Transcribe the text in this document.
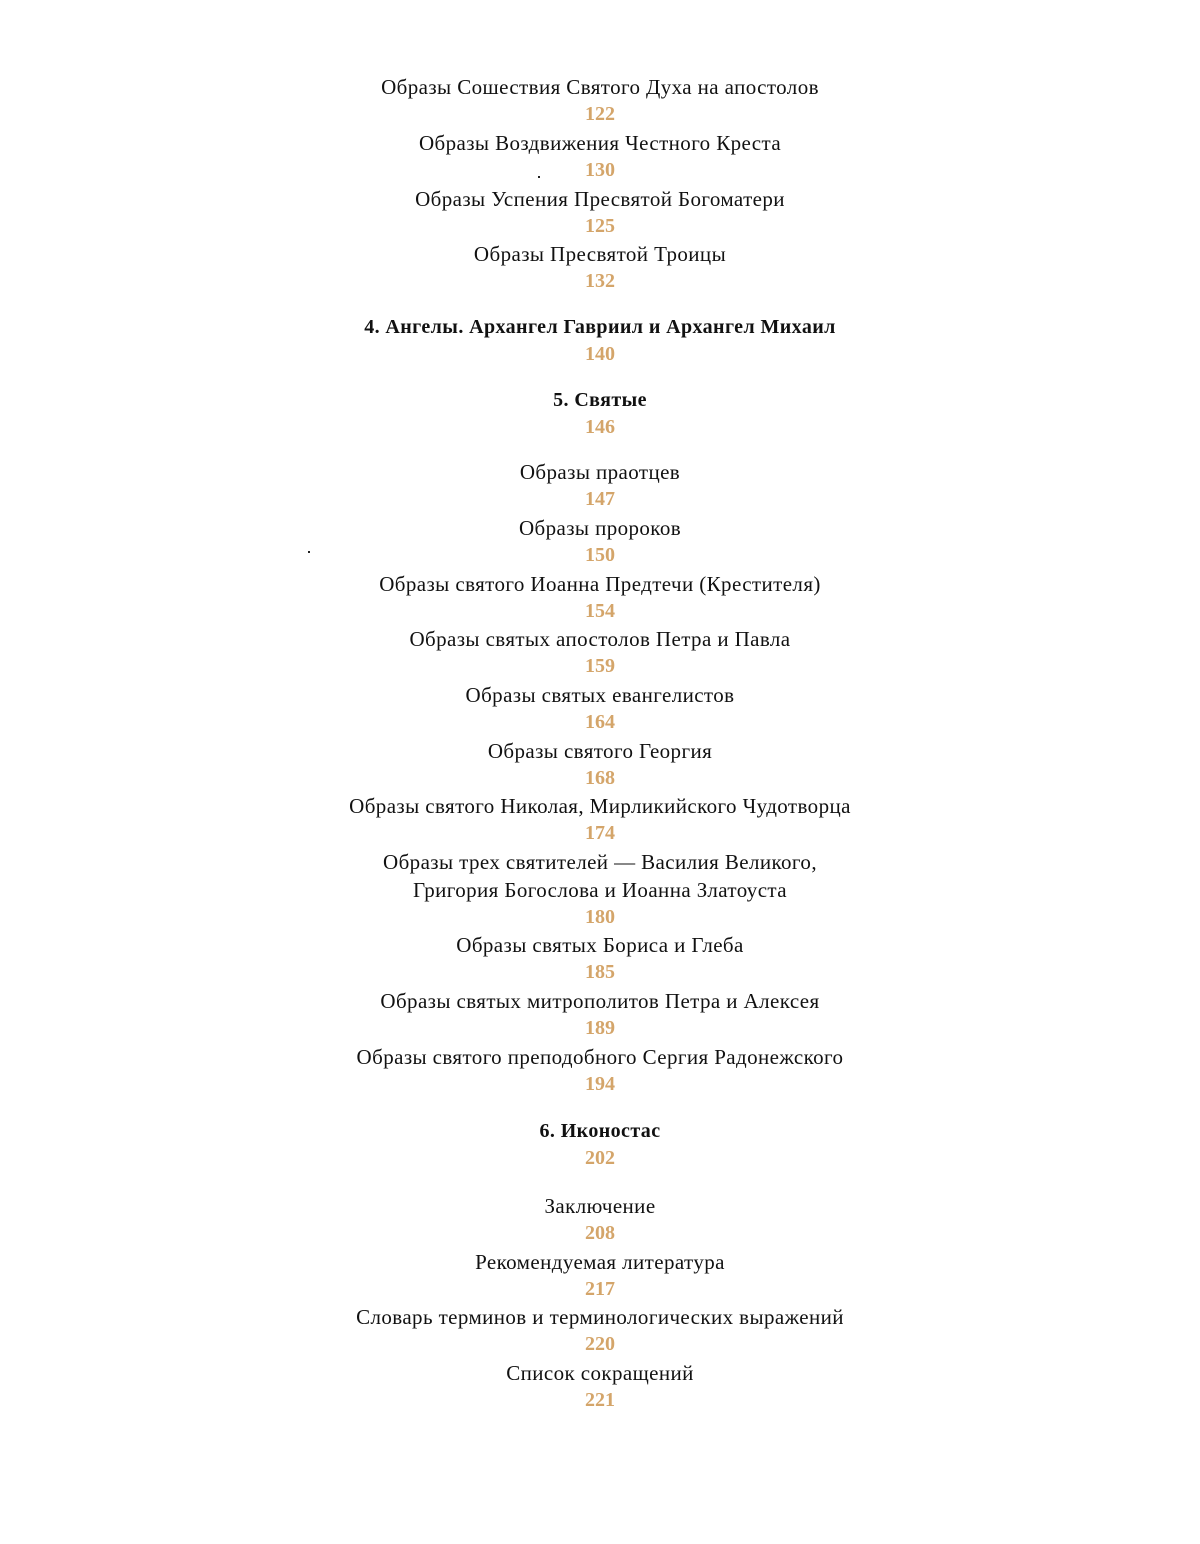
Образы Сошествия Святого Духа на апостолов

122

Образы Воздвижения Честного Креста

130

Образы Успения Пресвятой Богоматери

125

Образы Пресвятой Троицы

132

4. Ангелы. Архангел Гавриил и Архангел Михаил

140

5. Святые

146

Образы праотцев

147

Образы пророков

150

Образы святого Иоанна Предтечи (Крестителя)

154

Образы святых апостолов Петра и Павла

159

Образы святых евангелистов

164

Образы святого Георгия

168

Образы святого Николая, Мирликийского Чудотворца

174

Образы трех святителей — Василия Великого,

Григория Богослова и Иоанна Златоуста

180

Образы святых Бориса и Глеба

185

Образы святых митрополитов Петра и Алексея

189

Образы святого преподобного Сергия Радонежского

194

6. Иконостас

202

Заключение

208

Рекомендуемая литература

217

Словарь терминов и терминологических выражений

220

Список сокращений

221
